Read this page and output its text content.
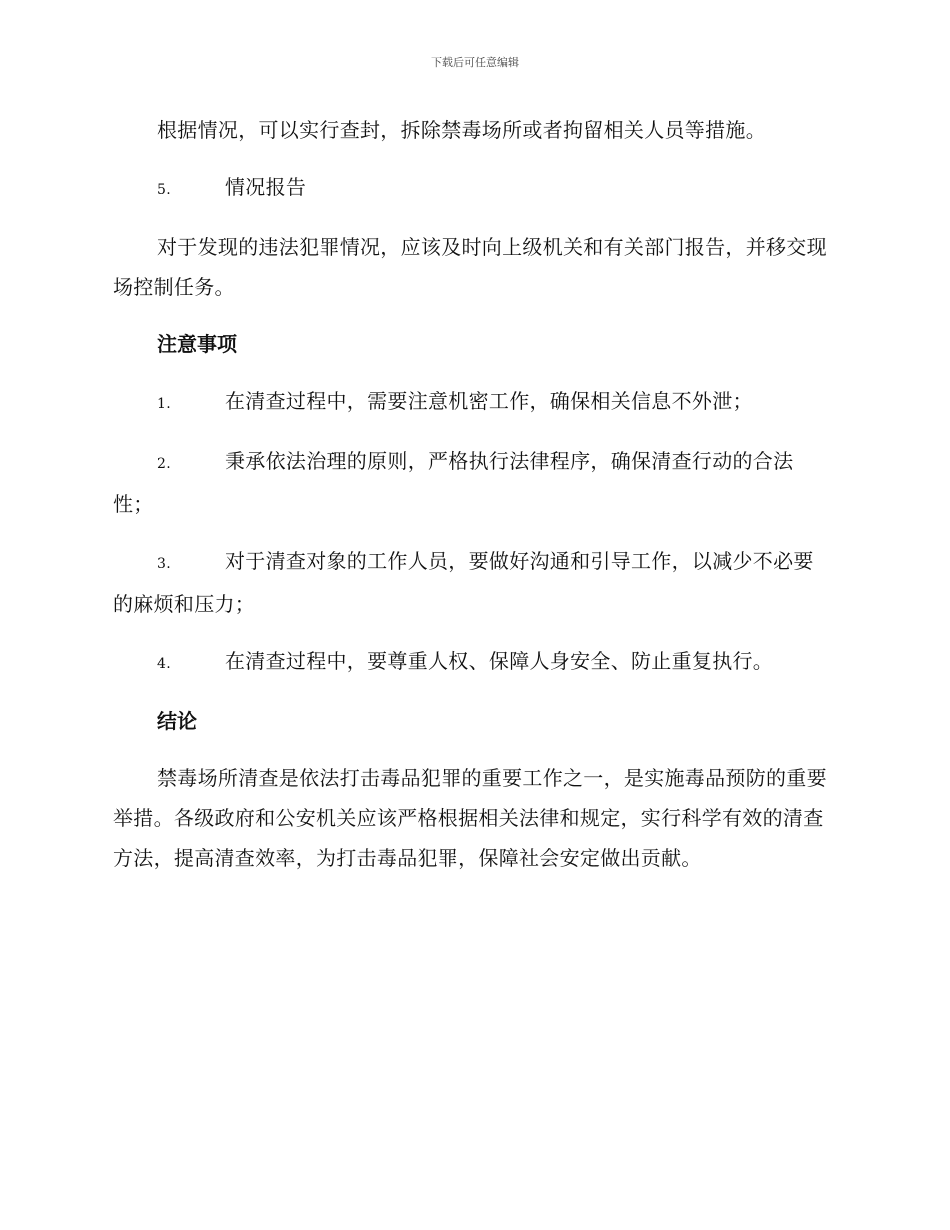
下载后可任意编辑

根据情况，可以实行查封，拆除禁毒场所或者拘留相关人员等措施。

5.	情况报告

对于发现的违法犯罪情况，应该及时向上级机关和有关部门报告，并移交现场控制任务。

注意事项

1.	在清查过程中，需要注意机密工作，确保相关信息不外泄；

2.	秉承依法治理的原则，严格执行法律程序，确保清查行动的合法性；

3.	对于清查对象的工作人员，要做好沟通和引导工作，以减少不必要的麻烦和压力；

4.	在清查过程中，要尊重人权、保障人身安全、防止重复执行。

结论

禁毒场所清查是依法打击毒品犯罪的重要工作之一，是实施毒品预防的重要举措。各级政府和公安机关应该严格根据相关法律和规定，实行科学有效的清查方法，提高清查效率，为打击毒品犯罪，保障社会安定做出贡献。
